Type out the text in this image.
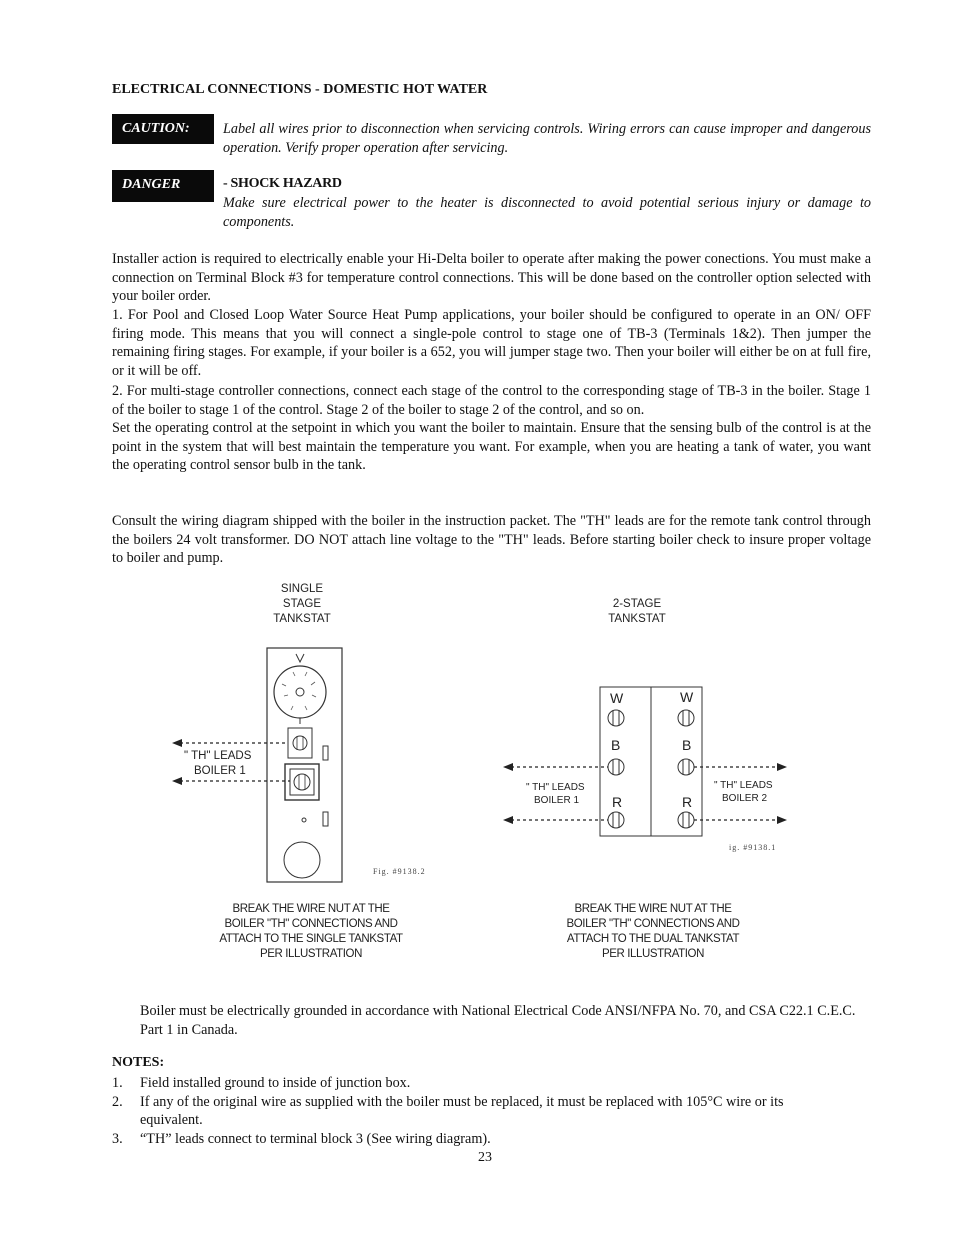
ELECTRICAL CONNECTIONS - DOMESTIC HOT WATER
CAUTION:	Label all wires prior to disconnection when servicing controls. Wiring errors can cause improper and dangerous operation. Verify proper operation after servicing.
DANGER	- SHOCK HAZARD
Make sure electrical power to the heater is disconnected to avoid potential serious injury or damage to components.
Installer action is required to electrically enable your Hi-Delta boiler to operate after making the power conections. You must make a connection on Terminal Block #3 for temperature control connections. This will be done based on the controller option selected with your boiler order.
1. For Pool and Closed Loop Water Source Heat Pump applications, your boiler should be configured to operate in an ON/ OFF firing mode. This means that you will connect a single-pole control to stage one of TB-3 (Terminals 1&2). Then jumper the remaining firing stages. For example, if your boiler is a 652, you will jumper stage two. Then your boiler will either be on at full fire, or it will be off.
2. For multi-stage controller connections, connect each stage of the control to the corresponding stage of TB-3 in the boiler. Stage 1 of the boiler to stage 1 of the control. Stage 2 of the boiler to stage 2 of the control, and so on.
Set the operating control at the setpoint in which you want the boiler to maintain. Ensure that the sensing bulb of the control is at the point in the system that will best maintain the temperature you want. For example, when you are heating a tank of water, you want the operating control sensor bulb in the tank.
Consult the wiring diagram shipped with the boiler in the instruction packet. The "TH" leads are for the remote tank control through the boilers 24 volt transformer. DO NOT attach line voltage to the "TH" leads. Before starting boiler check to insure proper voltage to boiler and pump.
SINGLE
STAGE
TANKSTAT
2-STAGE
TANKSTAT
" TH" LEADS
BOILER 1
Fig. #9138.2
W	W
B	B
R	R
" TH" LEADS
BOILER 1
" TH" LEADS
BOILER 2
ig. #9138.1
BREAK THE WIRE NUT AT THE
BOILER "TH" CONNECTIONS AND
ATTACH TO THE SINGLE TANKSTAT
PER ILLUSTRATION
BREAK THE WIRE NUT AT THE
BOILER "TH" CONNECTIONS AND
ATTACH TO THE DUAL TANKSTAT
PER ILLUSTRATION
Boiler must be electrically grounded in accordance with National Electrical Code ANSI/NFPA No. 70, and CSA C22.1 C.E.C. Part 1 in Canada.
NOTES:
1. Field installed ground to inside of junction box.
2. If any of the original wire as supplied with the boiler must be replaced, it must be replaced with 105°C wire or its equivalent.
3. “TH” leads connect to terminal block 3 (See wiring diagram).
23
